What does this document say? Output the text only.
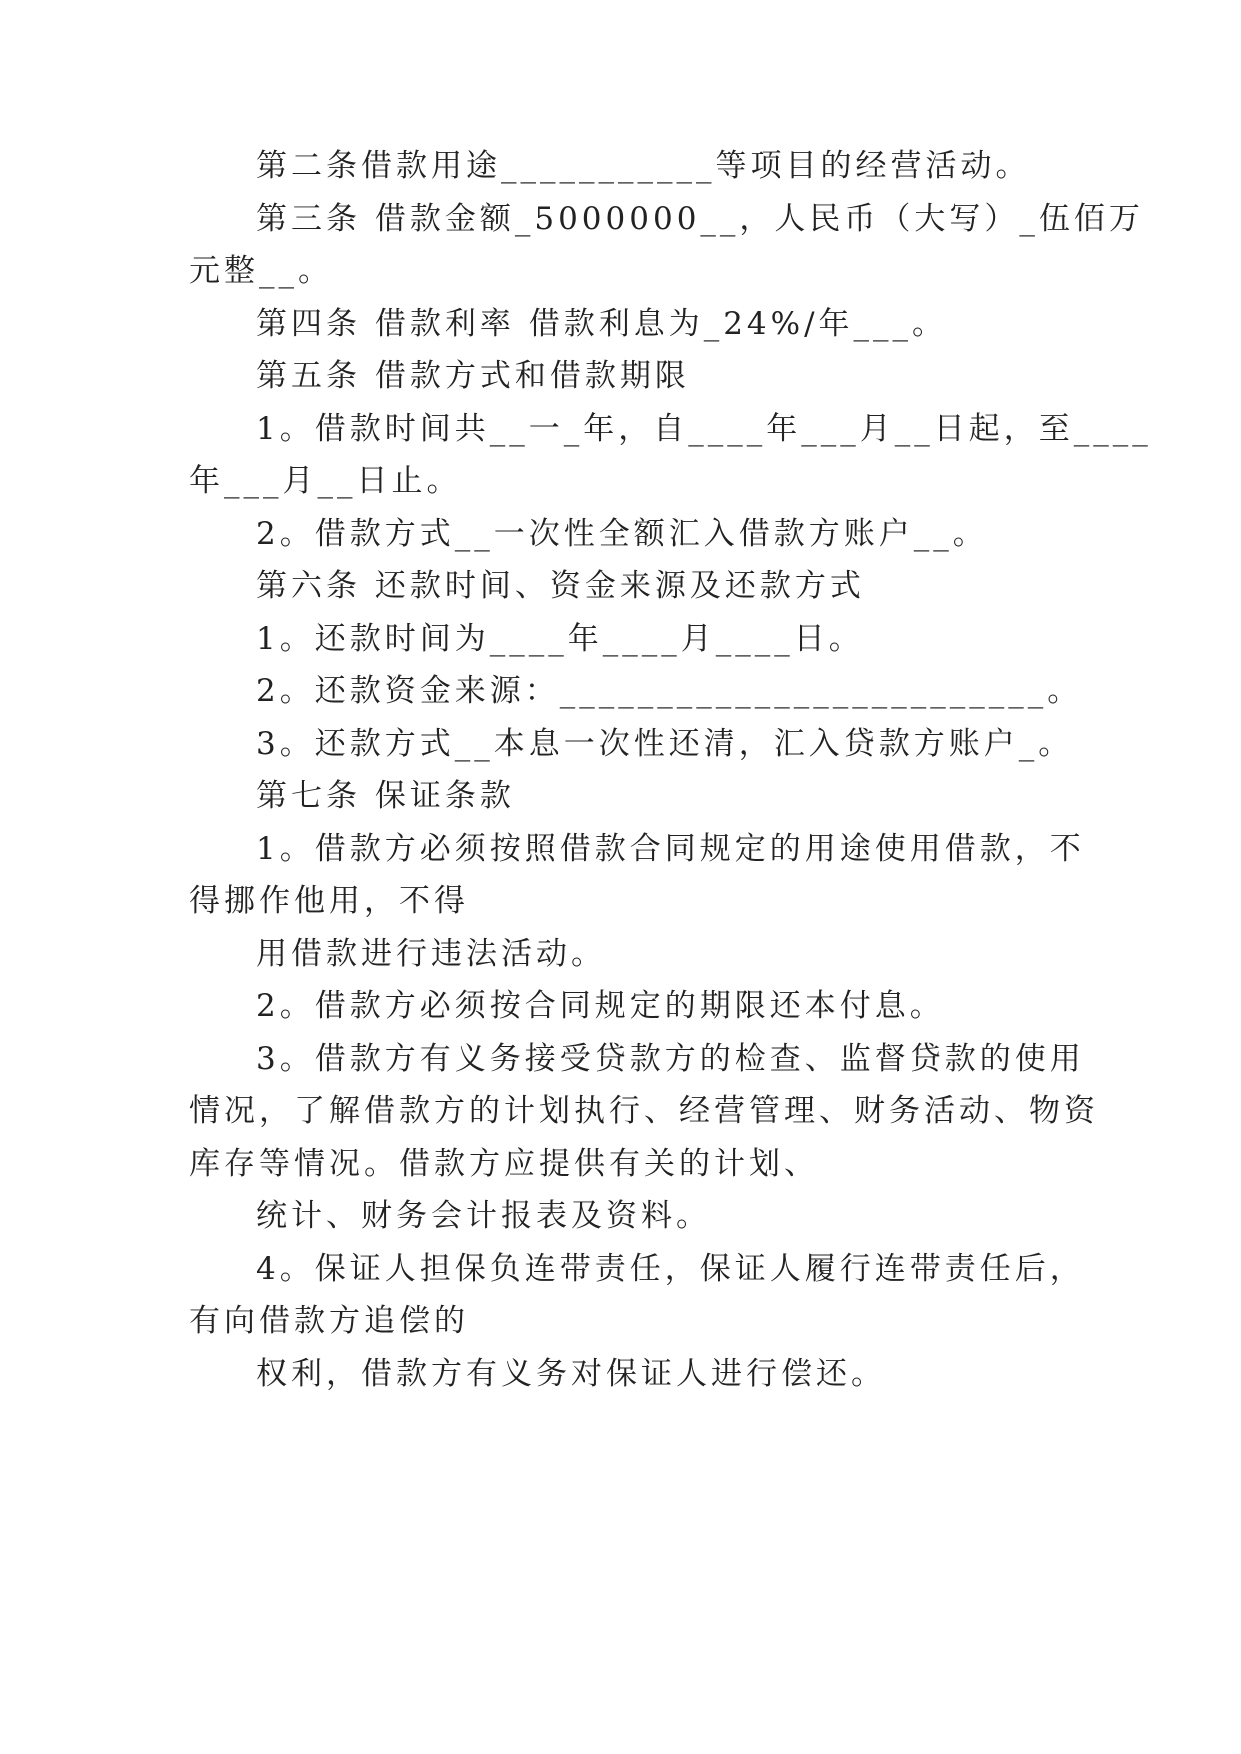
第二条借款用途___________等项目的经营活动。
第三条 借款金额_5000000__，人民币（大写）_伍佰万
元整__。
第四条 借款利率 借款利息为_24%/年___。
第五条 借款方式和借款期限
1。借款时间共__一_年，自____年___月__日起，至____
年___月__日止。
2。借款方式__一次性全额汇入借款方账户__。
第六条 还款时间、资金来源及还款方式
1。还款时间为____年____月____日。
2。还款资金来源：_________________________。
3。还款方式__本息一次性还清，汇入贷款方账户_。
第七条 保证条款
1。借款方必须按照借款合同规定的用途使用借款，不
得挪作他用，不得
用借款进行违法活动。
2。借款方必须按合同规定的期限还本付息。
3。借款方有义务接受贷款方的检查、监督贷款的使用
情况，了解借款方的计划执行、经营管理、财务活动、物资
库存等情况。借款方应提供有关的计划、
统计、财务会计报表及资料。
4。保证人担保负连带责任，保证人履行连带责任后，
有向借款方追偿的
权利，借款方有义务对保证人进行偿还。
